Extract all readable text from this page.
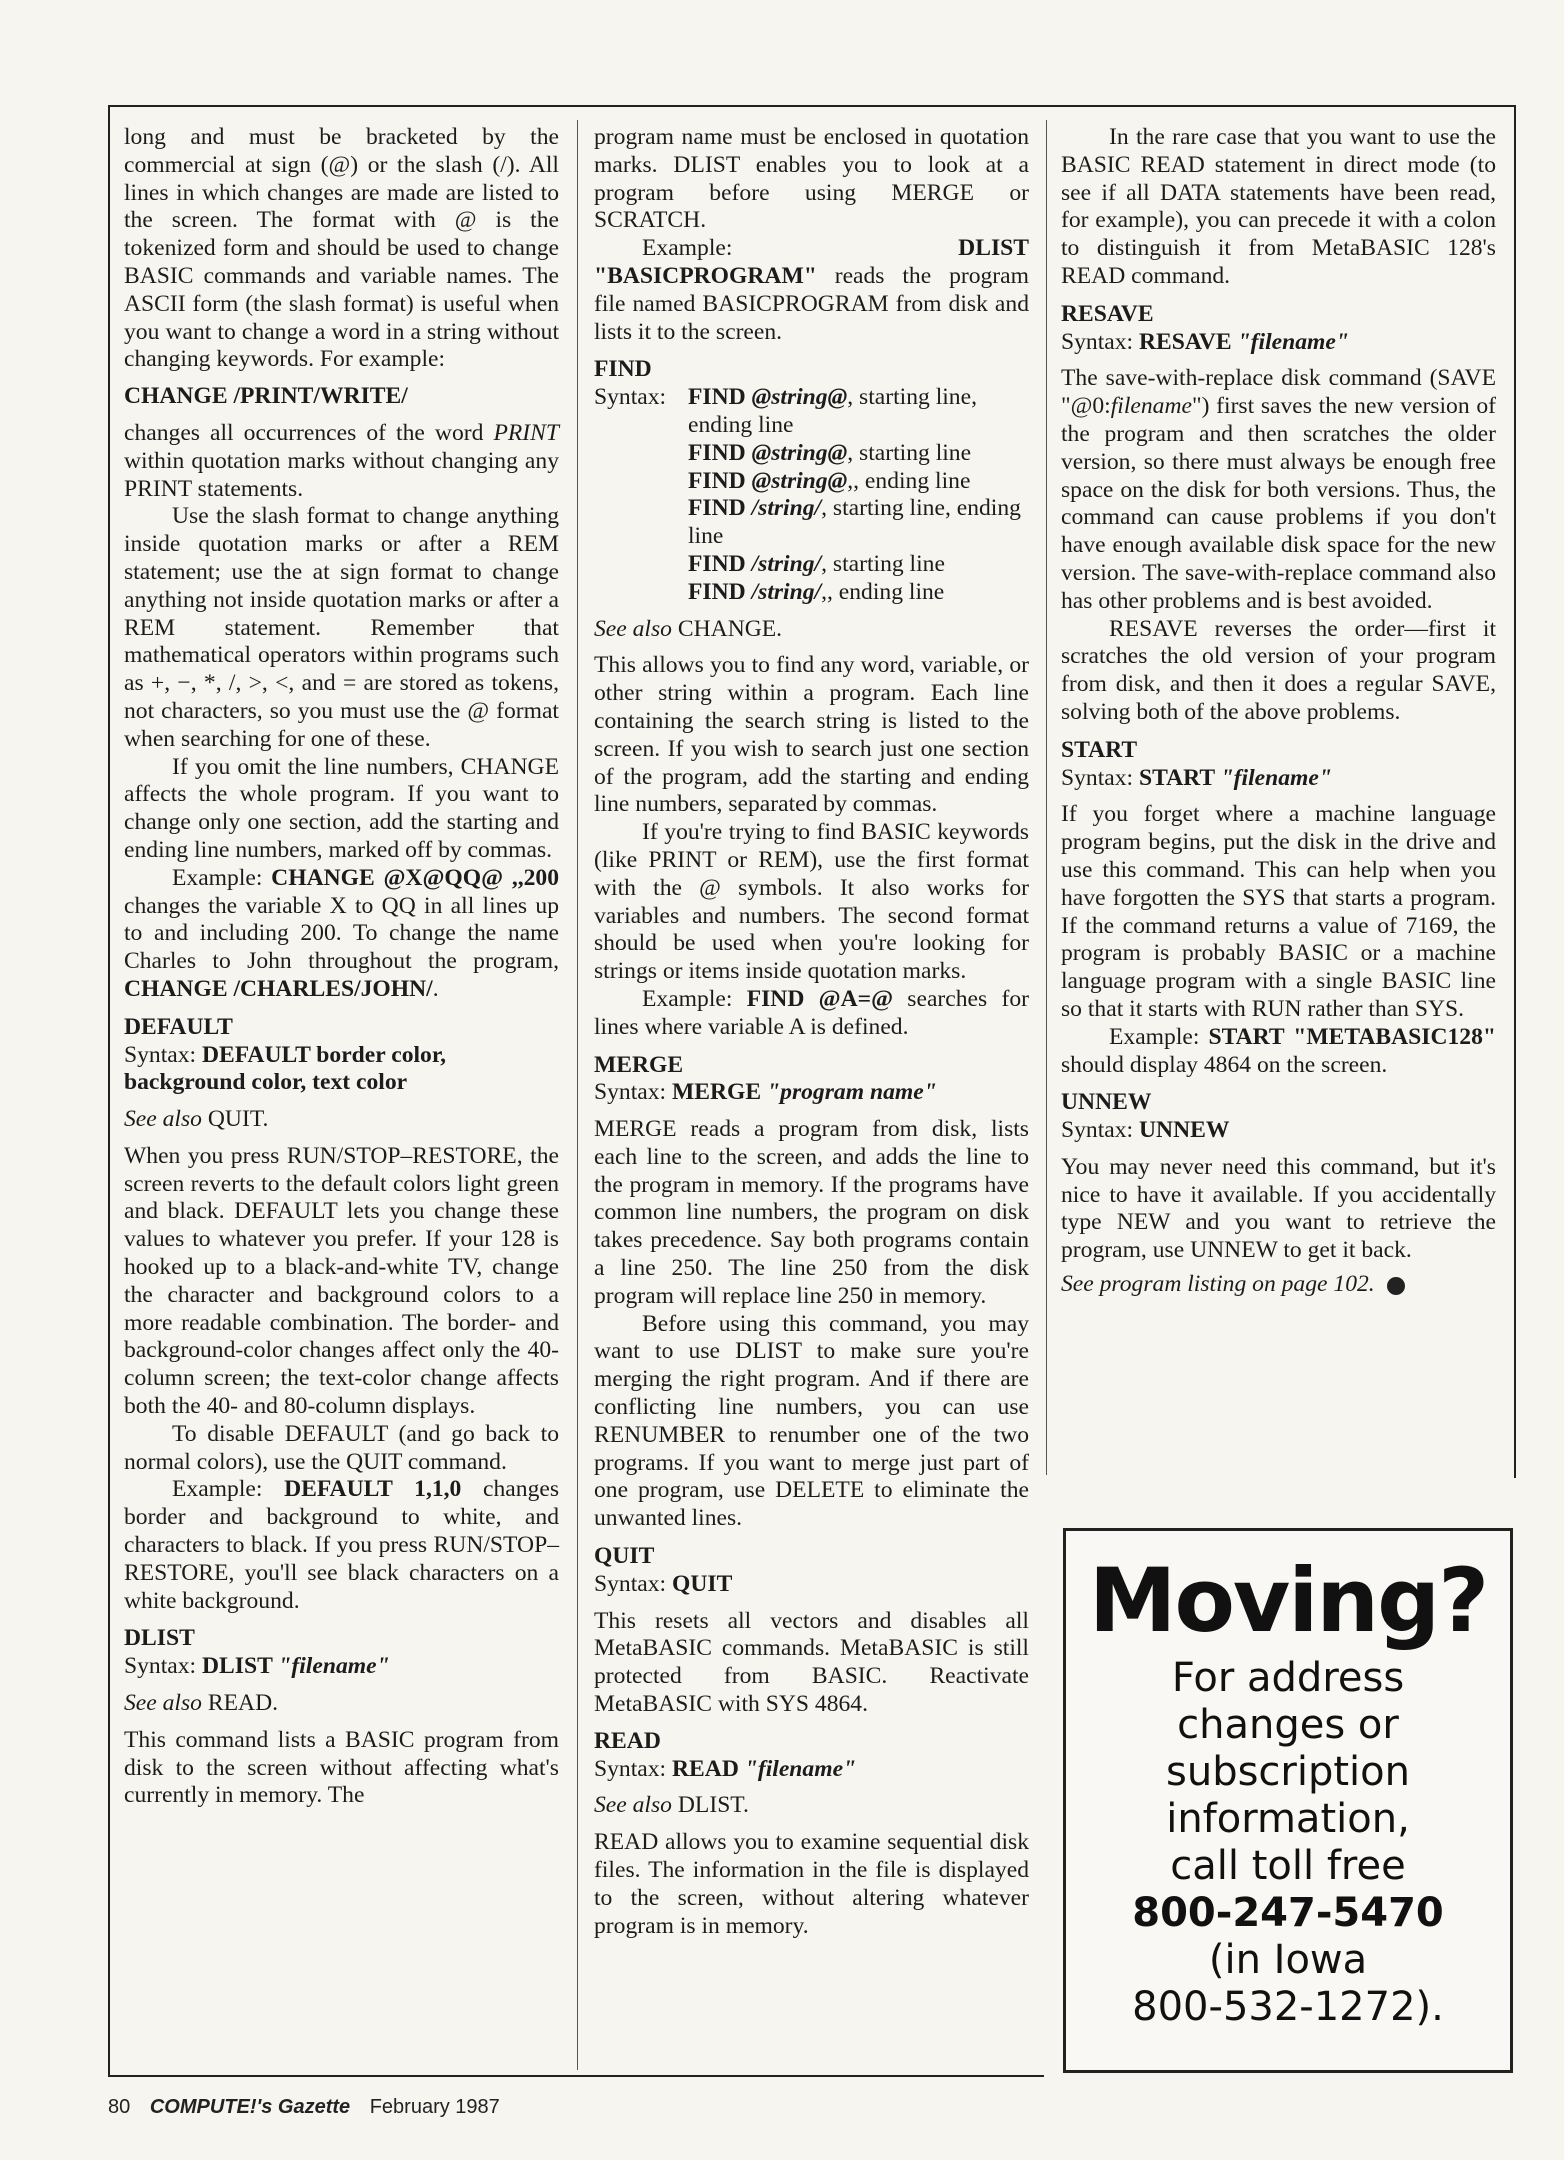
long and must be bracketed by the commercial at sign (@) or the slash (/). All lines in which changes are made are listed to the screen. The format with @ is the tokenized form and should be used to change BASIC commands and variable names. The ASCII form (the slash format) is useful when you want to change a word in a string without changing keywords. For example:

CHANGE /PRINT/WRITE/

changes all occurrences of the word PRINT within quotation marks without changing any PRINT statements.

Use the slash format to change anything inside quotation marks or after a REM statement; use the at sign format to change anything not inside quotation marks or after a REM statement. Remember that mathematical operators within programs such as +, −, *, /, >, <, and = are stored as tokens, not characters, so you must use the @ format when searching for one of these.

If you omit the line numbers, CHANGE affects the whole program. If you want to change only one section, add the starting and ending line numbers, marked off by commas.

Example: CHANGE @X@QQ@ ,,200 changes the variable X to QQ in all lines up to and including 200. To change the name Charles to John throughout the program, CHANGE /CHARLES/JOHN/.

DEFAULT

Syntax: DEFAULT border color, background color, text color

See also QUIT.

When you press RUN/STOP–RESTORE, the screen reverts to the default colors light green and black. DEFAULT lets you change these values to whatever you prefer. If your 128 is hooked up to a black-and-white TV, change the character and background colors to a more readable combination. The border- and background-color changes affect only the 40-column screen; the text-color change affects both the 40- and 80-column displays.

To disable DEFAULT (and go back to normal colors), use the QUIT command.

Example: DEFAULT 1,1,0 changes border and background to white, and characters to black. If you press RUN/STOP–RESTORE, you'll see black characters on a white background.

DLIST

Syntax: DLIST "filename"

See also READ.

This command lists a BASIC program from disk to the screen without affecting what's currently in memory. The

program name must be enclosed in quotation marks. DLIST enables you to look at a program before using MERGE or SCRATCH.

Example: DLIST "BASICPROGRAM" reads the program file named BASICPROGRAM from disk and lists it to the screen.

FIND
Syntax: FIND @string@, starting line, ending line
FIND @string@, starting line
FIND @string@,, ending line
FIND /string/, starting line, ending line
FIND /string/, starting line
FIND /string/,, ending line

See also CHANGE.

This allows you to find any word, variable, or other string within a program. Each line containing the search string is listed to the screen. If you wish to search just one section of the program, add the starting and ending line numbers, separated by commas.

If you're trying to find BASIC keywords (like PRINT or REM), use the first format with the @ symbols. It also works for variables and numbers. The second format should be used when you're looking for strings or items inside quotation marks.

Example: FIND @A=@ searches for lines where variable A is defined.

MERGE

Syntax: MERGE "program name"

MERGE reads a program from disk, lists each line to the screen, and adds the line to the program in memory. If the programs have common line numbers, the program on disk takes precedence. Say both programs contain a line 250. The line 250 from the disk program will replace line 250 in memory.

Before using this command, you may want to use DLIST to make sure you're merging the right program. And if there are conflicting line numbers, you can use RENUMBER to renumber one of the two programs. If you want to merge just part of one program, use DELETE to eliminate the unwanted lines.

QUIT

Syntax: QUIT

This resets all vectors and disables all MetaBASIC commands. MetaBASIC is still protected from BASIC. Reactivate MetaBASIC with SYS 4864.

READ

Syntax: READ "filename"

See also DLIST.

READ allows you to examine sequential disk files. The information in the file is displayed to the screen, without altering whatever program is in memory.

In the rare case that you want to use the BASIC READ statement in direct mode (to see if all DATA statements have been read, for example), you can precede it with a colon to distinguish it from MetaBASIC 128's READ command.

RESAVE

Syntax: RESAVE "filename"

The save-with-replace disk command (SAVE "@0:filename") first saves the new version of the program and then scratches the older version, so there must always be enough free space on the disk for both versions. Thus, the command can cause problems if you don't have enough available disk space for the new version. The save-with-replace command also has other problems and is best avoided.

RESAVE reverses the order—first it scratches the old version of your program from disk, and then it does a regular SAVE, solving both of the above problems.

START

Syntax: START "filename"

If you forget where a machine language program begins, put the disk in the drive and use this command. This can help when you have forgotten the SYS that starts a program. If the command returns a value of 7169, the program is probably BASIC or a machine language program with a single BASIC line so that it starts with RUN rather than SYS.

Example: START "METABASIC128" should display 4864 on the screen.

UNNEW

Syntax: UNNEW

You may never need this command, but it's nice to have it available. If you accidentally type NEW and you want to retrieve the program, use UNNEW to get it back.

See program listing on page 102.

Moving?
For address
changes or
subscription
information,
call toll free
800-247-5470
(in Iowa
800-532-1272).
80 COMPUTE!'s Gazette February 1987
